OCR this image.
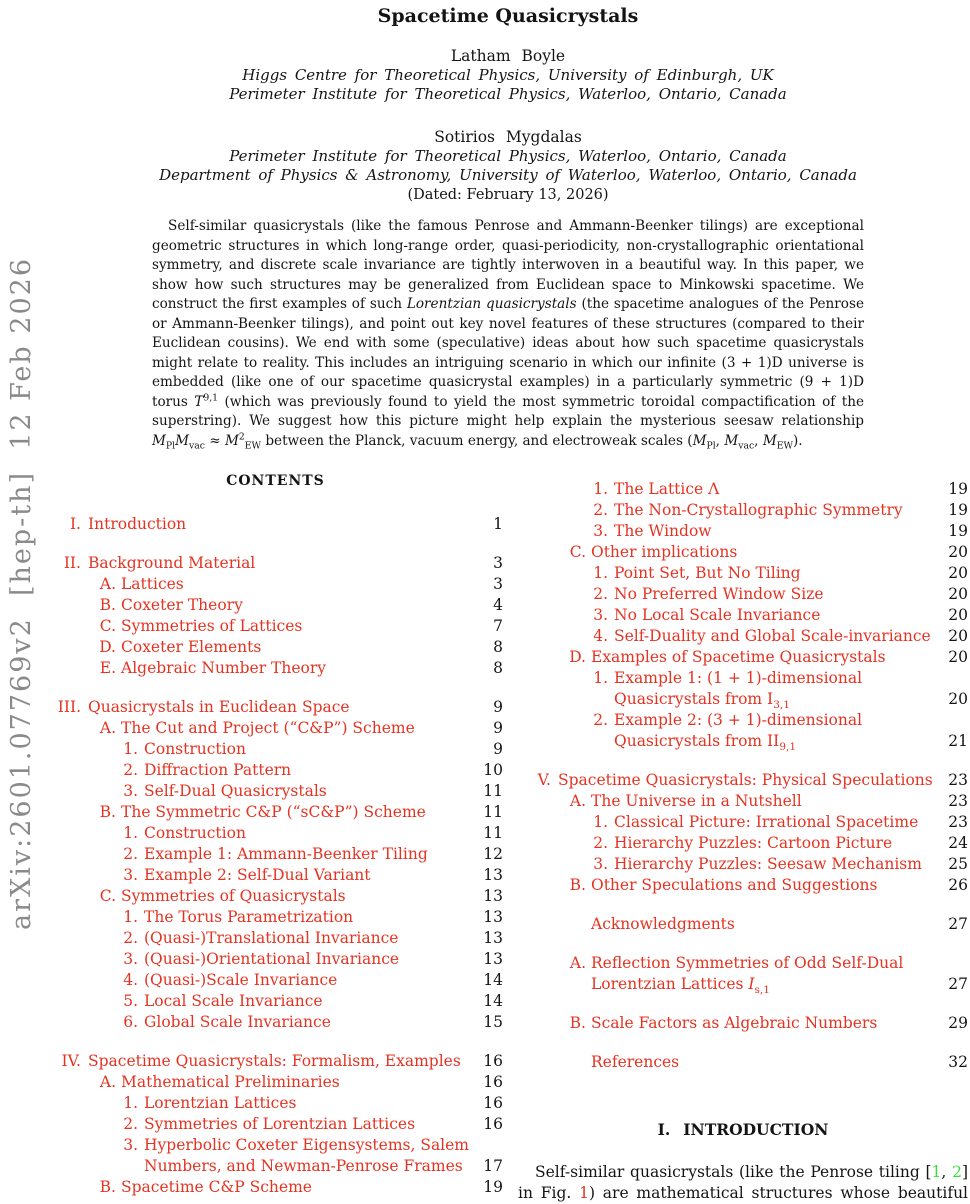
arXiv:2601.07769v2  [hep-th]  12 Feb 2026
Spacetime Quasicrystals
Latham Boyle
Higgs Centre for Theoretical Physics, University of Edinburgh, UK
Perimeter Institute for Theoretical Physics, Waterloo, Ontario, Canada
Sotirios Mygdalas
Perimeter Institute for Theoretical Physics, Waterloo, Ontario, Canada
Department of Physics & Astronomy, University of Waterloo, Waterloo, Ontario, Canada
(Dated: February 13, 2026)
Self-similar quasicrystals (like the famous Penrose and Ammann-Beenker tilings) are exceptional geometric structures in which long-range order, quasi-periodicity, non-crystallographic orientational symmetry, and discrete scale invariance are tightly interwoven in a beautiful way. In this paper, we show how such structures may be generalized from Euclidean space to Minkowski spacetime. We construct the first examples of such Lorentzian quasicrystals (the spacetime analogues of the Penrose or Ammann-Beenker tilings), and point out key novel features of these structures (compared to their Euclidean cousins). We end with some (speculative) ideas about how such spacetime quasicrystals might relate to reality. This includes an intriguing scenario in which our infinite (3 + 1)D universe is embedded (like one of our spacetime quasicrystal examples) in a particularly symmetric (9 + 1)D torus T$^{9,1}$ (which was previously found to yield the most symmetric toroidal compactification of the superstring). We suggest how this picture might help explain the mysterious seesaw relationship $M_{Pl}M_{vac} \approx M^2_{EW}$ between the Planck, vacuum energy, and electroweak scales ($M_{Pl}$, $M_{vac}$, $M_{EW}$).
CONTENTS
I. Introduction	1
II. Background Material	3
A. Lattices	3
B. Coxeter Theory	4
C. Symmetries of Lattices	7
D. Coxeter Elements	8
E. Algebraic Number Theory	8
III. Quasicrystals in Euclidean Space	9
A. The Cut and Project (“C&P”) Scheme	9
1. Construction	9
2. Diffraction Pattern	10
3. Self-Dual Quasicrystals	11
B. The Symmetric C&P (“sC&P”) Scheme	11
1. Construction	11
2. Example 1: Ammann-Beenker Tiling	12
3. Example 2: Self-Dual Variant	13
C. Symmetries of Quasicrystals	13
1. The Torus Parametrization	13
2. (Quasi-)Translational Invariance	13
3. (Quasi-)Orientational Invariance	13
4. (Quasi-)Scale Invariance	14
5. Local Scale Invariance	14
6. Global Scale Invariance	15
IV. Spacetime Quasicrystals: Formalism, Examples	16
A. Mathematical Preliminaries	16
1. Lorentzian Lattices	16
2. Symmetries of Lorentzian Lattices	16
3. Hyperbolic Coxeter Eigensystems, Salem
Numbers, and Newman-Penrose Frames	17
B. Spacetime C&P Scheme	19
1. The Lattice Λ	19
2. The Non-Crystallographic Symmetry	19
3. The Window	19
C. Other implications	20
1. Point Set, But No Tiling	20
2. No Preferred Window Size	20
3. No Local Scale Invariance	20
4. Self-Duality and Global Scale-invariance	20
D. Examples of Spacetime Quasicrystals	20
1. Example 1: (1 + 1)-dimensional
Quasicrystals from $I_{3,1}$	20
2. Example 2: (3 + 1)-dimensional
Quasicrystals from $II_{9,1}$	21
V. Spacetime Quasicrystals: Physical Speculations	23
A. The Universe in a Nutshell	23
1. Classical Picture: Irrational Spacetime	23
2. Hierarchy Puzzles: Cartoon Picture	24
3. Hierarchy Puzzles: Seesaw Mechanism	25
B. Other Speculations and Suggestions	26
Acknowledgments	27
A. Reflection Symmetries of Odd Self-Dual
Lorentzian Lattices $I_{s,1}$	27
B. Scale Factors as Algebraic Numbers	29
References	32
I. INTRODUCTION
Self-similar quasicrystals (like the Penrose tiling [1, 2] in Fig. 1) are mathematical structures whose beautiful
